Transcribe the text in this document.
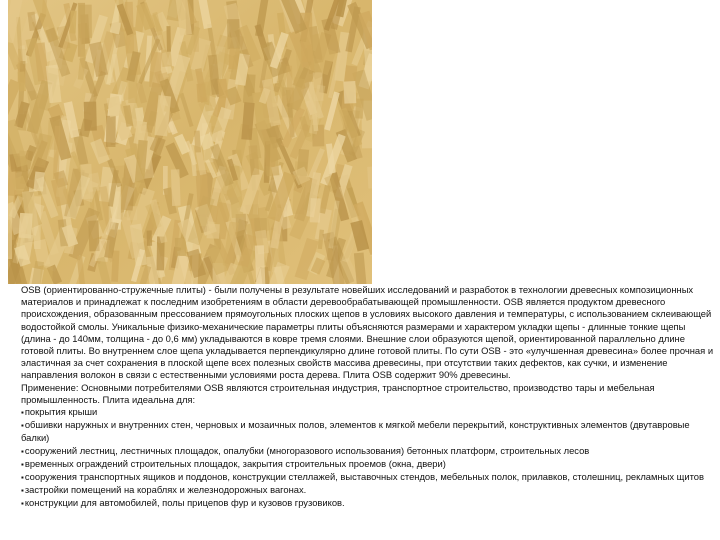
OSB (ориентированно-стружечные плиты) - были получены в результате новейших исследований и разработок в технологии древесных композиционных материалов и принадлежат к последним изобретениям в области деревообрабатывающей промышленности. OSB является продуктом древесного происхождения, образованным прессованием прямоугольных плоских щепов в условиях высокого давления и температуры, с использованием склеивающей водостойкой смолы. Уникальные физико-механические параметры плиты объясняются размерами и характером укладки щепы - длинные тонкие щепы (длина - до 140мм, толщина - до 0,6 мм) укладываются в ковре тремя слоями. Внешние слои образуются щепой, ориентированной параллельно длине готовой плиты. Во внутреннем слое щепа укладывается перпендикулярно длине готовой плиты. По сути OSB - это «улучшенная древесина» более прочная и эластичная за счет сохранения в плоской щепе всех полезных свойств массива древесины, при отсутствии таких дефектов, как сучки, и изменение направления волокон в связи с естественными условиями роста дерева. Плита OSB содержит 90% древесины.

Применение: Основными потребителями OSB являются строительная индустрия, транспортное строительство, производство тары и мебельная промышленность. Плита идеальна для:

▪ покрытия крыши
▪ обшивки наружных и внутренних стен, черновых и мозаичных полов, элементов к мягкой мебели перекрытий, конструктивных элементов (двутавровые балки)
▪ сооружений лестниц, лестничных площадок, опалубки (многоразового использования) бетонных платформ, строительных лесов
▪ временных ограждений строительных площадок, закрытия строительных проемов (окна, двери)
▪ сооружения транспортных ящиков и поддонов, конструкции стеллажей, выставочных стендов, мебельных полок, прилавков, столешниц, рекламных щитов
▪ застройки помещений на кораблях и железнодорожных вагонах.
▪ конструкции для автомобилей, полы прицепов фур и кузовов грузовиков.
